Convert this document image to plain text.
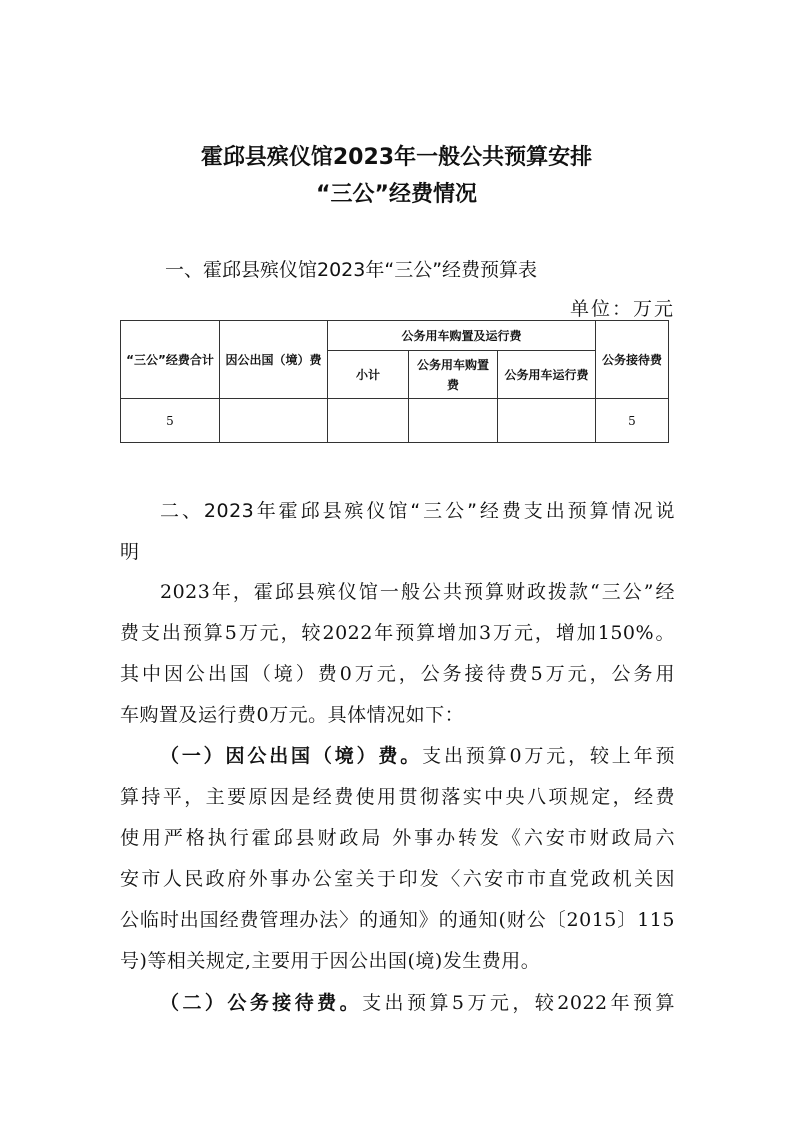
霍邱县殡仪馆2023年一般公共预算安排
“三公”经费情况
一、霍邱县殡仪馆2023年“三公”经费预算表
单位：万元
“三公”经费合计	因公出国（境）费	公务用车购置及运行费			公务接待费
		小计	公务用车购置费	公务用车运行费	
5					5
二、2023年霍邱县殡仪馆“三公”经费支出预算情况说
明
2023年，霍邱县殡仪馆一般公共预算财政拨款“三公”经
费支出预算5万元，较2022年预算增加3万元，增加150%。
其中因公出国（境）费0万元，公务接待费5万元，公务用
车购置及运行费0万元。具体情况如下：
（一）因公出国（境）费。支出预算0万元，较上年预
算持平，主要原因是经费使用贯彻落实中央八项规定，经费
使用严格执行霍邱县财政局 外事办转发《六安市财政局六
安市人民政府外事办公室关于印发〈六安市市直党政机关因
公临时出国经费管理办法〉的通知》的通知(财公〔2015〕115
号)等相关规定,主要用于因公出国(境)发生费用。
（二）公务接待费。支出预算5万元，较2022年预算
